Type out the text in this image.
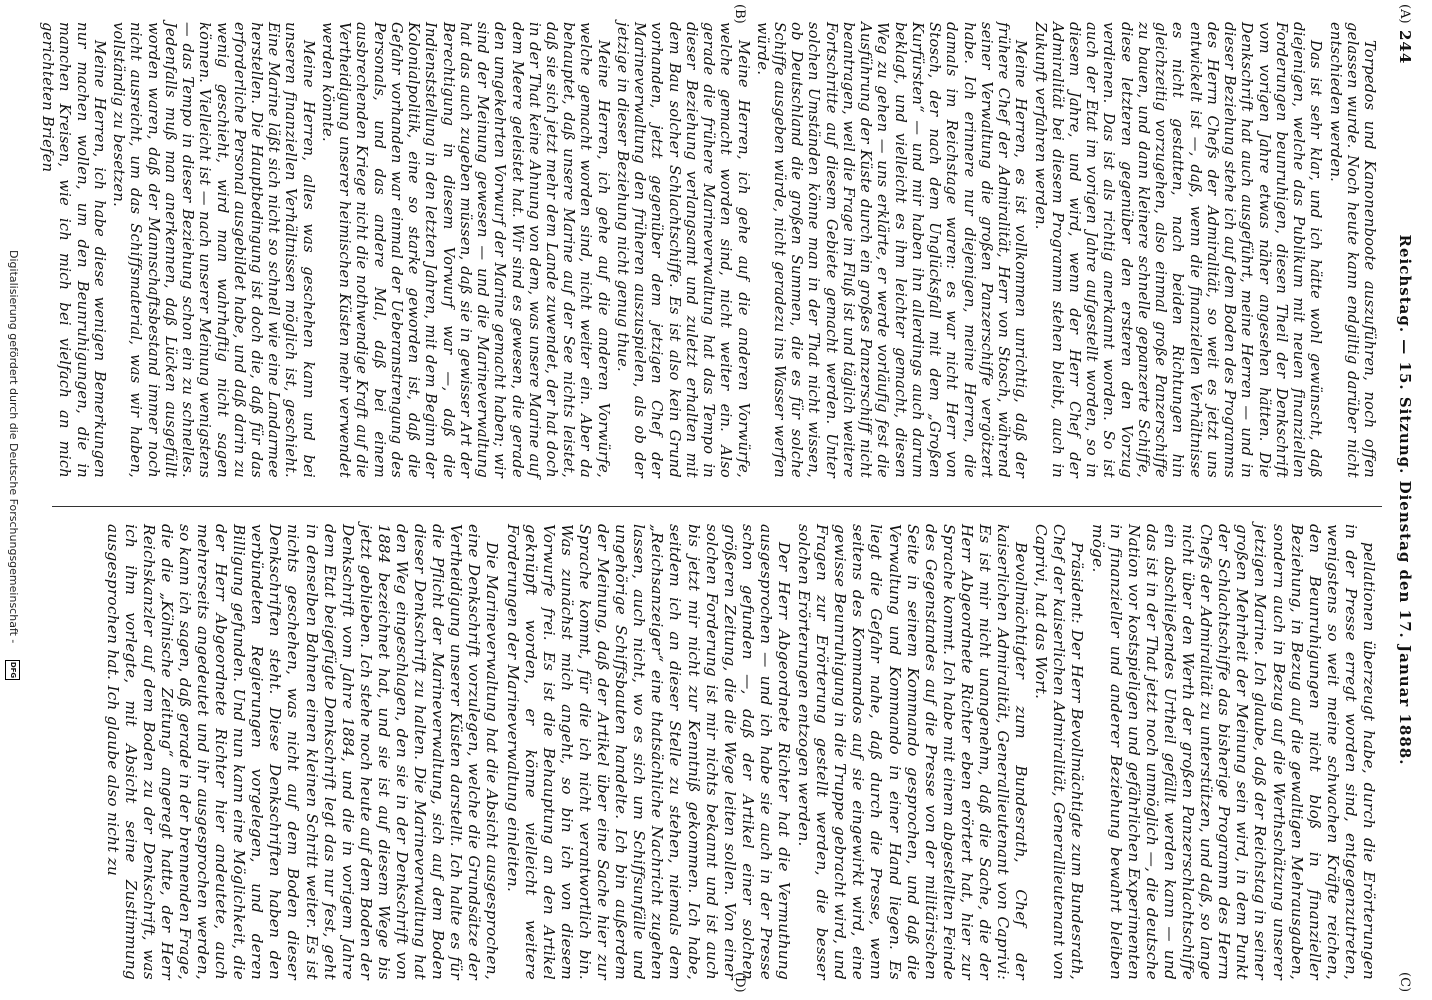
244
Reichstag. — 15. Sitzung. Dienstag den 17. Januar 1888.
(A)
(B)
(C)
(D)

Torpedos und Kanonenboote auszuführen, noch offen gelassen wurde. Noch heute kann endgiltig darüber nicht entschieden werden.

Das ist sehr klar, und ich hätte wohl gewünscht, daß diejenigen, welche das Publikum mit neuen finanziellen Forderungen beunruhigen, diesen Theil der Denkschrift vom vorigen Jahre etwas näher angesehen hätten. Die Denkschrift hat auch ausgeführt, meine Herren — und in dieser Beziehung stehe ich auf dem Boden des Programms des Herrn Chefs der Admiralität, so weit es jetzt uns entwickelt ist —, daß, wenn die finanziellen Verhältnisse es nicht gestatten, nach beiden Richtungen hin gleichzeitig vorzugehen, also einmal große Panzerschiffe zu bauen, und dann kleinere schnelle gepanzerte Schiffe, diese letzteren gegenüber den ersteren den Vorzug verdienen. Das ist als richtig anerkannt worden. So ist auch der Etat im vorigen Jahre aufgestellt worden, so in diesem Jahre, und wird, wenn der Herr Chef der Admiralität bei diesem Programm stehen bleibt, auch in Zukunft verfahren werden.

Meine Herren, es ist vollkommen unrichtig, daß der frühere Chef der Admiralität, Herr von Stosch, während seiner Verwaltung die großen Panzerschiffe vergötzert habe. Ich erinnere nur diejenigen, meine Herren, die damals im Reichstage waren: es war nicht Herr von Stosch, der nach dem Unglücksfall mit dem „Großen Kurfürsten“ — und mir haben ihn allerdings auch darum beklagt, und vielleicht es ihm leichter gemacht, diesen Weg zu gehen — uns erklärte, er werde vorläufig fest die Ausführung der Küste durch ein großes Panzerschiff nicht beantragen, weil die Frage im Fluß ist und täglich weitere Fortschritte auf diesem Gebiete gemacht werden. Unter solchen Umständen könne man in der That nicht wissen, ob Deutschland die großen Summen, die es für solche Schiffe ausgeben würde, nicht geradezu ins Wasser werfen würde.

Meine Herren, ich gehe auf die anderen Vorwürfe, welche gemacht worden sind, nicht weiter ein. Also gerade die frühere Marineverwaltung hat das Tempo in dieser Beziehung verlangsamt und zuletzt erhalten mit dem Bau solcher Schlachtschiffe. Es ist also kein Grund vorhanden, jetzt gegenüber dem jetzigen Chef der Marineverwaltung den früheren auszuspielen, als ob der jetzige in dieser Beziehung nicht genug thue.

Meine Herren, ich gehe auf die anderen Vorwürfe, welche gemacht worden sind, nicht weiter ein. Aber da behauptet, daß unsere Marine auf der See nichts leistet, daß sie sich jetzt mehr dem Lande zuwendet, der hat doch in der That keine Ahnung von dem, was unsere Marine auf dem Meere geleistet hat. Wir sind es gewesen, die gerade den umgekehrten Vorwurf der Marine gemacht haben; wir sind der Meinung gewesen — und die Marineverwaltung hat das auch zugeben müssen, daß sie in gewisser Art der Berechtigung in diesem Vorwurf war —, daß die Indienststellung in den letzten Jahren, mit dem Beginn der Kolonialpolitik, eine so starke geworden ist, daß die Gefahr vorhanden war einmal der Ueberanstrengung des Personals, und das andere Mal, daß bei einem ausbrechenden Kriege nicht die nothwendige Kraft auf die Vertheidigung unserer heimischen Küsten mehr verwendet werden könnte.

Meine Herren, alles was geschehen kann und bei unseren finanziellen Verhältnissen möglich ist, geschieht. Eine Marine läßt sich nicht so schnell wie eine Landarmee herstellen. Die Hauptbedingung ist doch die, daß für das erforderliche Personal ausgebildet habe, und daß darin zu wenig geschieht, wird man wahrhaftig nicht sagen können. Vielleicht ist — nach unserer Meinung wenigstens — das Tempo in dieser Beziehung schon ein zu schnelles. Jedenfalls muß man anerkennen, daß Lücken ausgefüllt worden waren, daß der Mannschaftsbestand immer noch nicht ausreicht, um das Schiffsmaterial, was wir haben, vollständig zu besetzen.

Meine Herren, ich habe diese wenigen Bemerkungen nur machen wollen, um den Beunruhigungen, die in manchen Kreisen, wie ich mich bei vielfach an mich gerichteten Briefen

pellationen überzeugt habe, durch die Erörterungen in der Presse erregt worden sind, entgegenzutreten, wenigstens so weit meine schwachen Kräfte reichen, den Beunruhigungen nicht bloß in finanzieller Beziehung, in Bezug auf die gewaltigen Mehrausgaben, sondern auch in Bezug auf die Werthschätzung unserer jetzigen Marine. Ich glaube, daß der Reichstag in seiner großen Mehrheit der Meinung sein wird, in dem Punkt der Schlachtschiffe das bisherige Programm des Herrn Chefs der Admiralität zu unterstützen, und daß, so lange nicht über den Werth der großen Panzerschlachtschiffe ein abschließendes Urtheil gefällt werden kann — und das ist in der That jetzt noch unmöglich —, die deutsche Nation vor kostspieligen und gefährlichen Experimenten in finanzieller und anderer Beziehung bewahrt bleiben möge.

Präsident: Der Herr Bevollmächtigte zum Bundesrath, Chef der kaiserlichen Admiralität, Generallieutenant von Caprivi, hat das Wort.

Bevollmächtigter zum Bundesrath, Chef der kaiserlichen Admiralität, Generallieutenant von Caprivi: Es ist mir nicht unangenehm, daß die Sache, die der Herr Abgeordnete Richter eben erörtert hat, hier zur Sprache kommt. Ich habe mit einem abgestellten Feinde des Gegenstandes auf die Presse von der militärischen Seite in seinem Kommando gesprochen, und daß die Verwaltung und Kommando in einer Hand liegen. Es liegt die Gefahr nahe, daß durch die Presse, wenn seitens des Kommandos auf sie eingewirkt wird, eine gewisse Beunruhigung in die Truppe gebracht wird, und Fragen zur Erörterung gestellt werden, die besser solchen Erörterungen entzogen werden.

Der Herr Abgeordnete Richter hat die Vermuthung ausgesprochen — und ich habe sie auch in der Presse schon gefunden —, daß der Artikel einer solchen größeren Zeitung, die die Wege leiten sollen. Von einer solchen Forderung ist mir nichts bekannt und ist auch bis jetzt mir nicht zur Kenntniß gekommen. Ich habe, seitdem ich an dieser Stelle zu stehen, niemals dem „Reichsanzeiger“ eine thatsächliche Nachricht zugehen lassen, auch nicht, wo es sich um Schiffsunfälle und ungehörige Schiffsbauten handelte. Ich bin außerdem der Meinung, daß der Artikel über eine Sache hier zur Sprache kommt, für die ich nicht verantwortlich bin. Was zunächst mich angeht, so bin ich von diesem Vorwurfe frei. Es ist die Behauptung an den Artikel geknüpft worden, er könne vielleicht weitere Forderungen der Marineverwaltung einleiten.

Die Marineverwaltung hat die Absicht ausgesprochen, eine Denkschrift vorzulegen, welche die Grundsätze der Vertheidigung unserer Küsten darstellt. Ich halte es für die Pflicht der Marineverwaltung, sich auf dem Boden dieser Denkschrift zu halten. Die Marineverwaltung hat den Weg eingeschlagen, den sie in der Denkschrift von 1884 bezeichnet hat, und sie ist auf diesem Wege bis jetzt geblieben. Ich stehe noch heute auf dem Boden der Denkschrift vom Jahre 1884, und die in vorigem Jahre dem Etat beigefügte Denkschrift legt das nur fest, geht in denselben Bahnen einen kleinen Schritt weiter. Es ist nichts geschehen, was nicht auf dem Boden dieser Denkschriften steht. Diese Denkschriften haben den verbündeten Regierungen vorgelegen, und deren Billigung gefunden. Und nun kann eine Möglichkeit, die der Herr Abgeordnete Richter hier andeutete, auch mehrerseits angedeutet und ihr ausgesprochen werden, so kann ich sagen, daß gerade in der brennenden Frage, die die „Kölnische Zeitung“ angeregt hatte, der Herr Reichskanzler auf dem Boden zu der Denkschrift, was ich ihm vorlegte, mit Absicht seine Zustimmung ausgesprochen hat. Ich glaube also nicht zu

Digitalisierung gefördert durch die Deutsche Forschungsgemeinschaft -
DFG
